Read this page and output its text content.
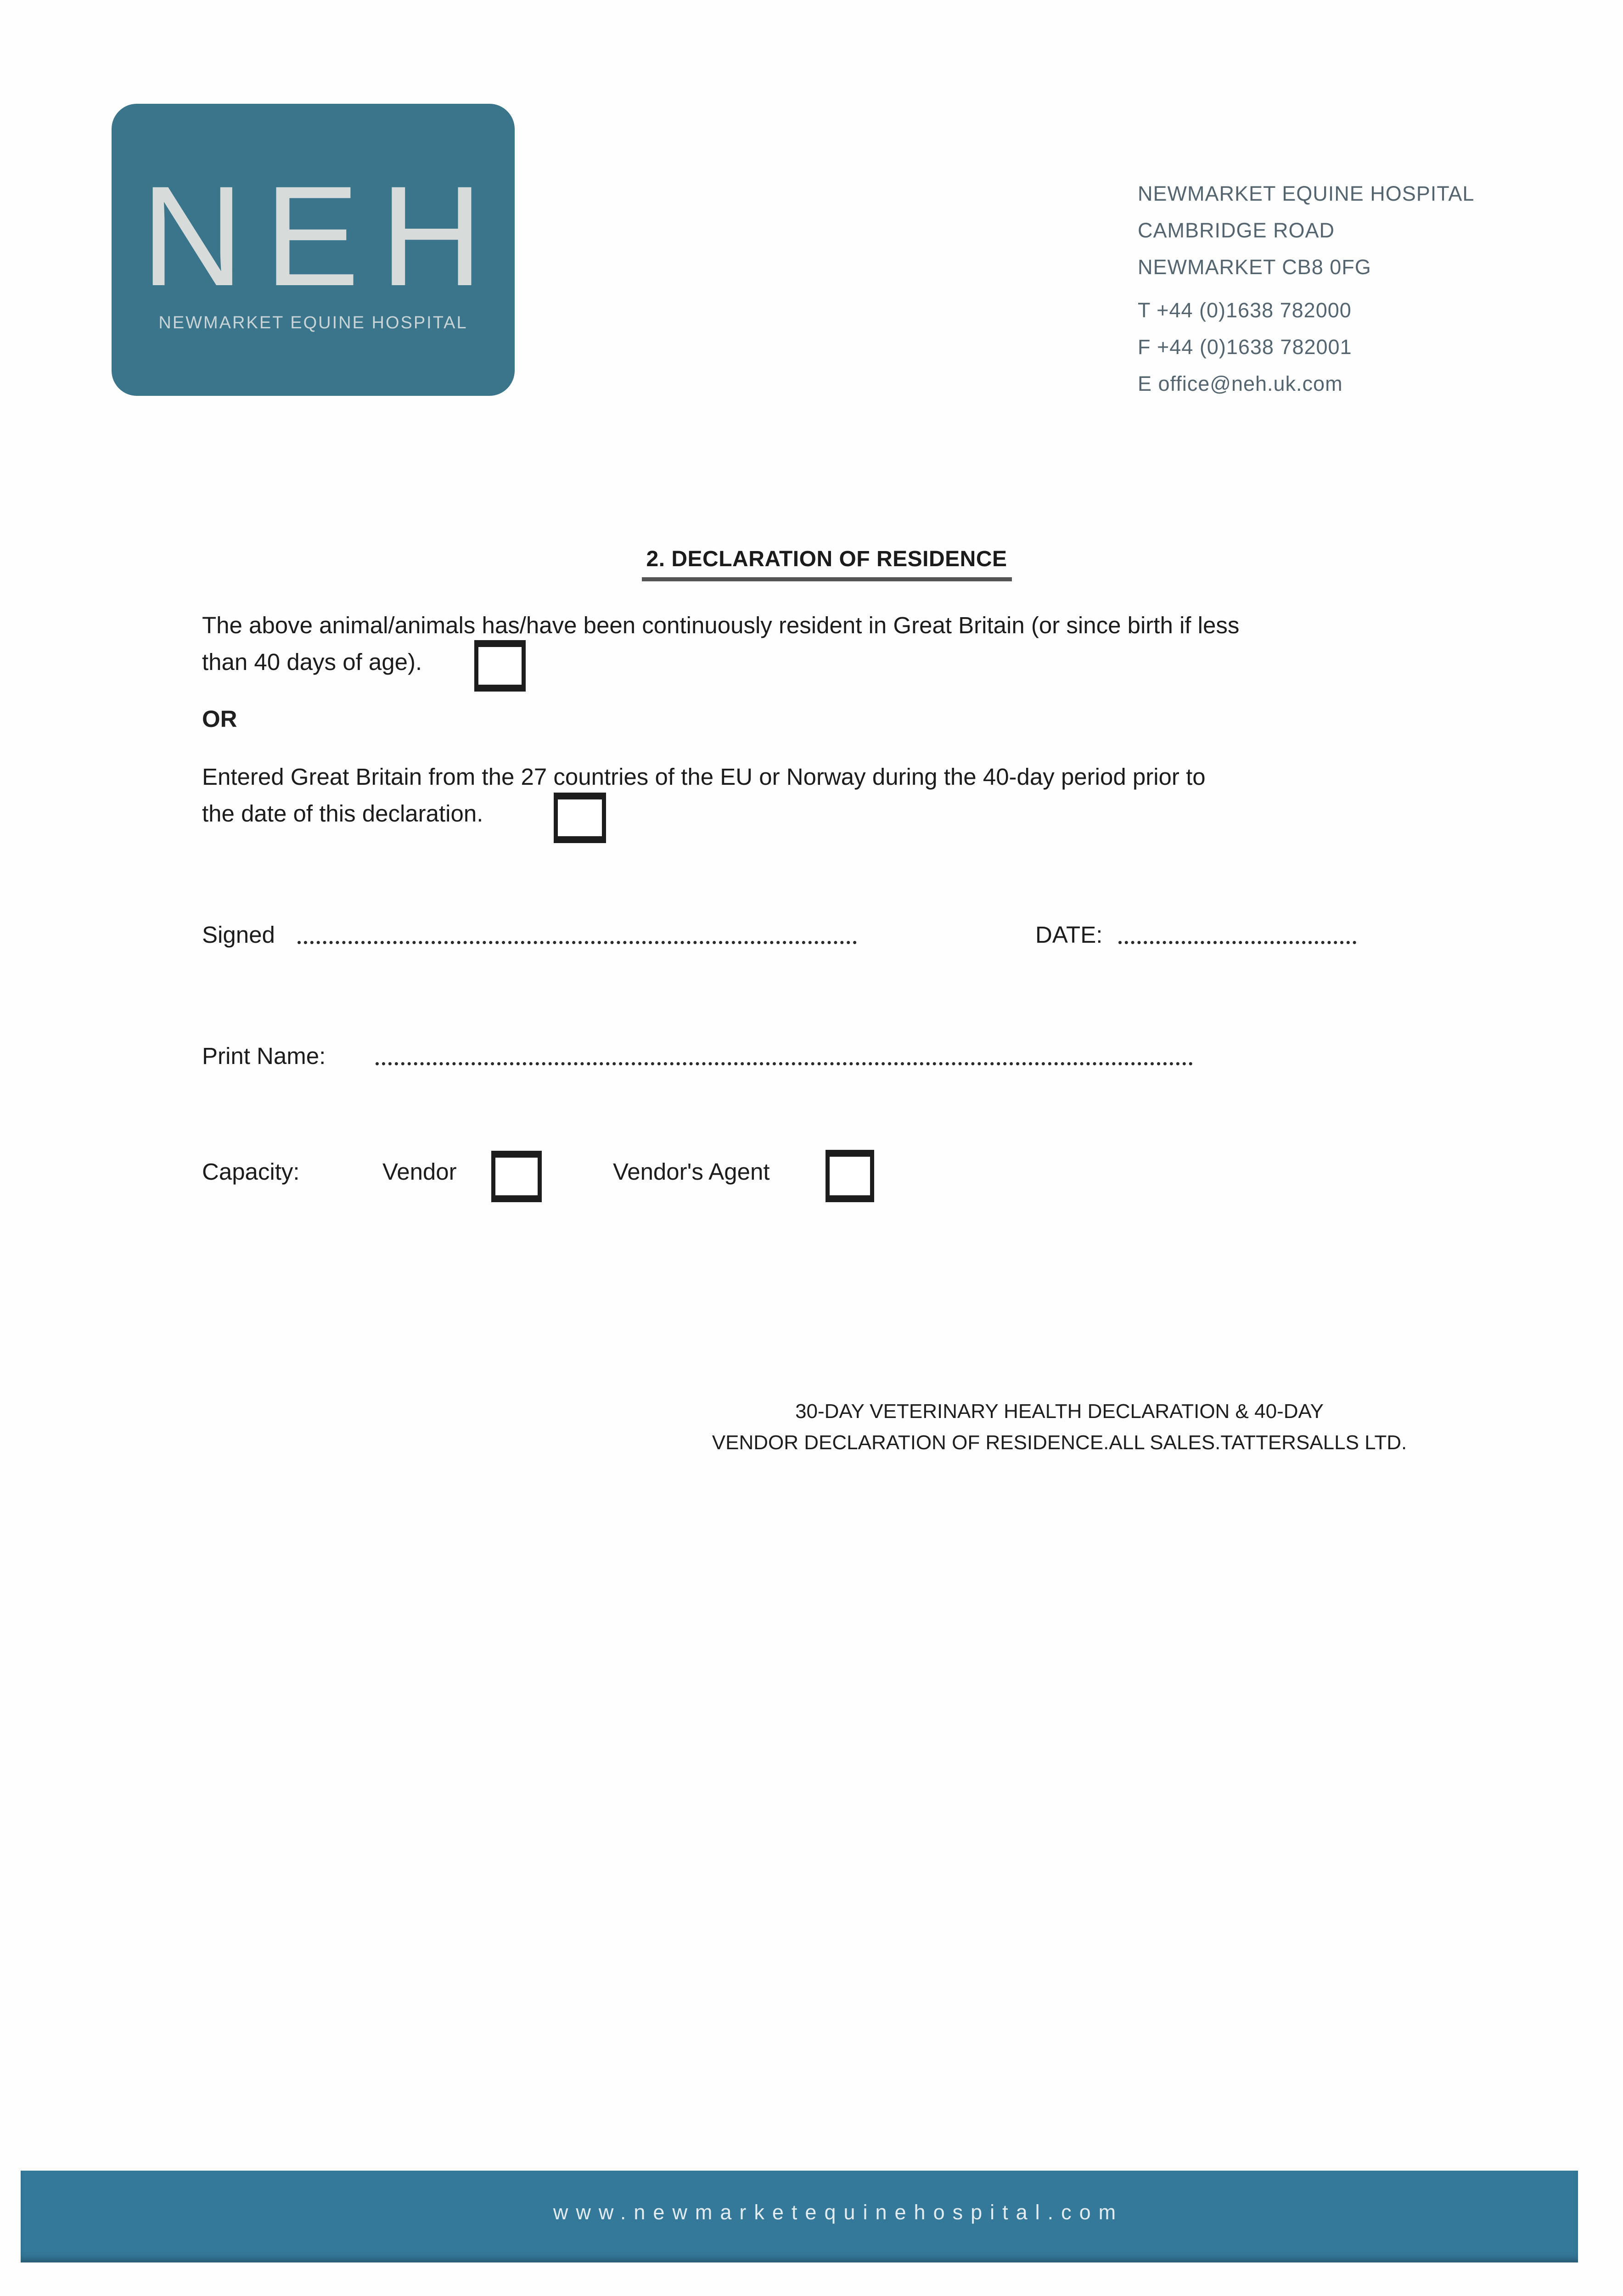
NEH
NEWMARKET EQUINE HOSPITAL
NEWMARKET EQUINE HOSPITAL
CAMBRIDGE ROAD
NEWMARKET CB8 0FG
T +44 (0)1638 782000
F +44 (0)1638 782001
E office@neh.uk.com
2. DECLARATION OF RESIDENCE
The above animal/animals has/have been continuously resident in Great Britain (or since birth if less
than 40 days of age).
OR
Entered Great Britain from the 27 countries of the EU or Norway during the 40-day period prior to
the date of this declaration.
Signed	DATE:
Print Name:
Capacity:	Vendor	Vendor's Agent
30-DAY VETERINARY HEALTH DECLARATION & 40-DAY
VENDOR DECLARATION OF RESIDENCE.ALL SALES.TATTERSALLS LTD.
www.newmarketequinehospital.com
